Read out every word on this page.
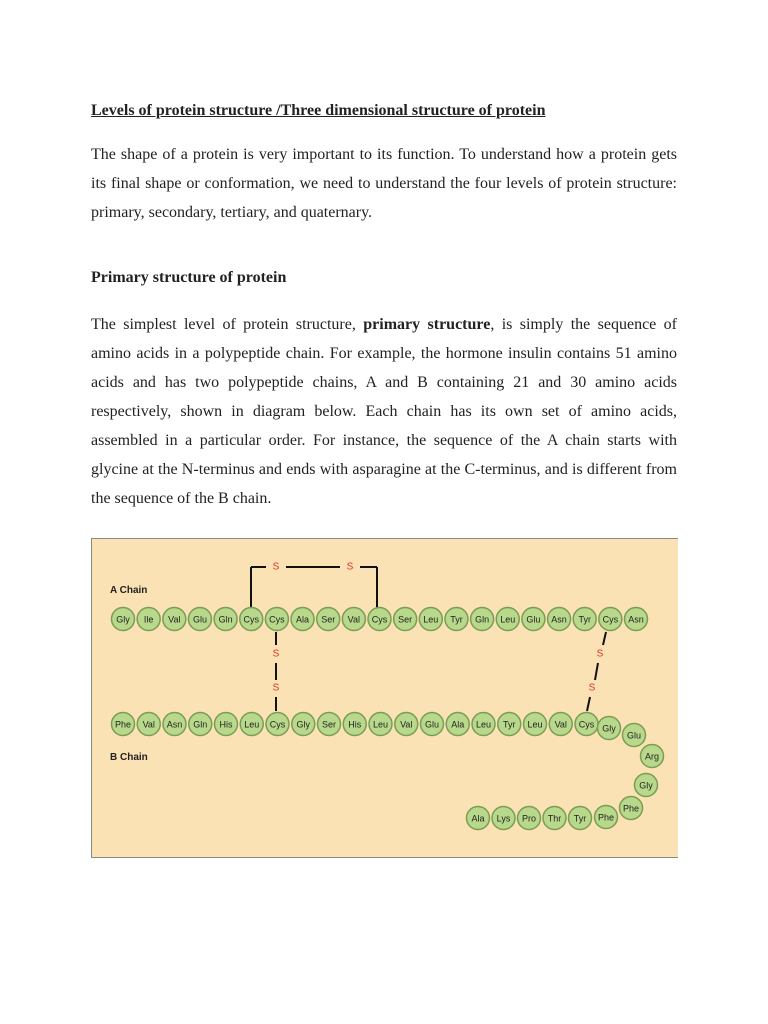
Levels of protein structure /Three dimensional structure of protein

The shape of a protein is very important to its function. To understand how a protein gets its final shape or conformation, we need to understand the four levels of protein structure: primary, secondary, tertiary, and quaternary.

Primary structure of protein

The simplest level of protein structure, primary structure, is simply the sequence of amino acids in a polypeptide chain. For example, the hormone insulin contains 51 amino acids and has two polypeptide chains, A and B containing 21 and 30 amino acids respectively, shown in diagram below. Each chain has its own set of amino acids, assembled in a particular order. For instance, the sequence of the A chain starts with glycine at the N-terminus and ends with asparagine at the C-terminus, and is different from the sequence of the B chain.

S	S
S
S
S
S
A Chain
B Chain
Gly Ile Val Glu Gln Cys Cys Ala Ser Val Cys Ser Leu Tyr Gln Leu Glu Asn Tyr Cys Asn
Phe Val Asn Gln His Leu Cys Gly Ser His Leu Val Glu Ala Leu Tyr Leu Val Cys Gly
Glu
Arg
Gly
Phe
Phe
Tyr
Thr
Pro
Lys
Ala
